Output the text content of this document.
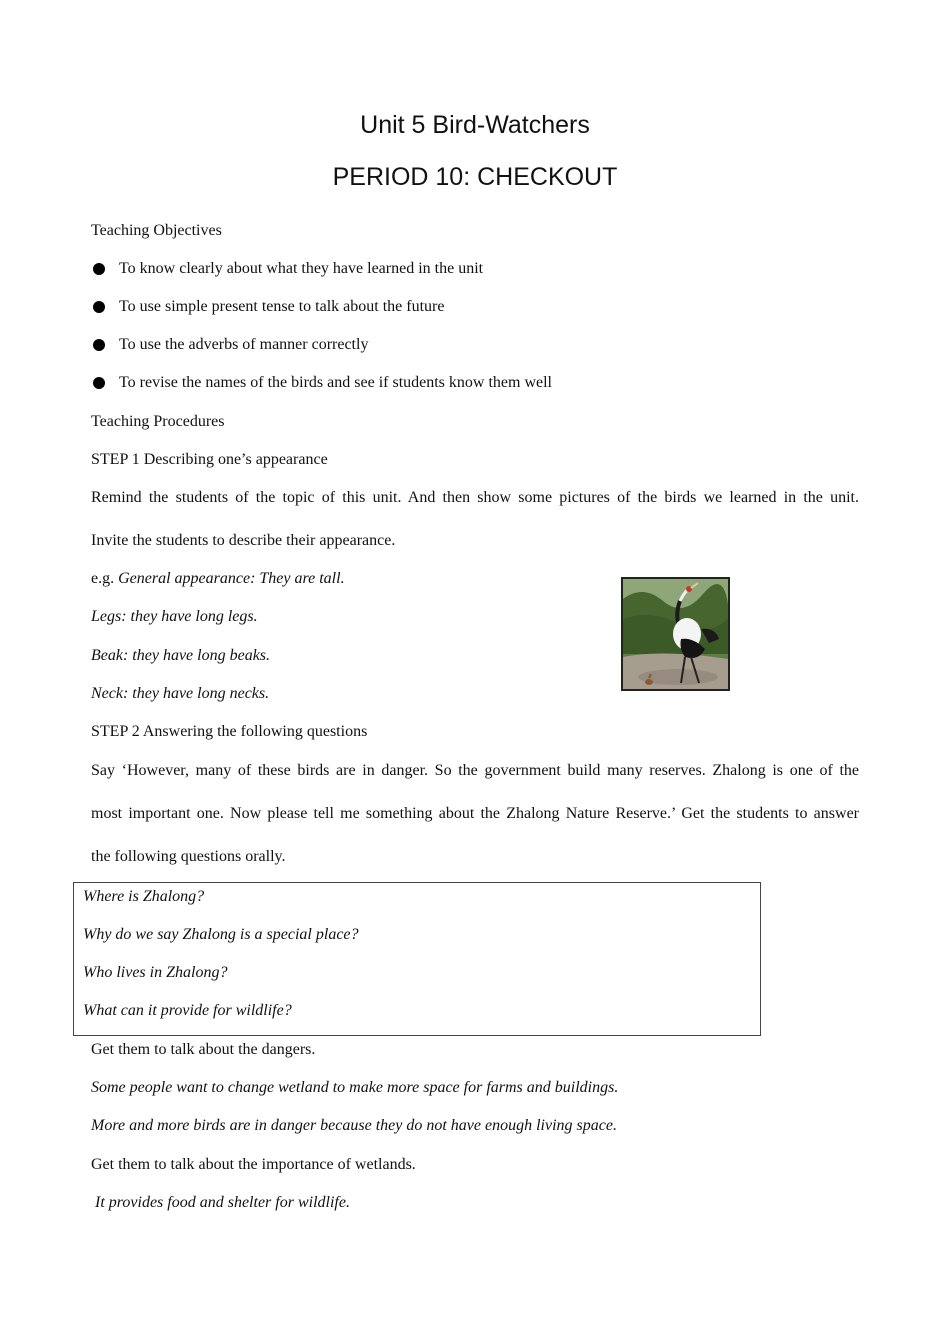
Unit 5 Bird-Watchers
PERIOD 10: CHECKOUT
Teaching Objectives
To know clearly about what they have learned in the unit
To use simple present tense to talk about the future
To use the adverbs of manner correctly
To revise the names of the birds and see if students know them well
Teaching Procedures
STEP 1 Describing one’s appearance
Remind the students of the topic of this unit. And then show some pictures of the birds we learned in the unit.
Invite the students to describe their appearance.
e.g. General appearance: They are tall.
Legs: they have long legs.
Beak: they have long beaks.
Neck: they have long necks.
STEP 2 Answering the following questions
Say ‘However, many of these birds are in danger. So the government build many reserves. Zhalong is one of the
most important one. Now please tell me something about the Zhalong Nature Reserve.’ Get the students to answer
the following questions orally.
Where is Zhalong?
Why do we say Zhalong is a special place?
Who lives in Zhalong?
What can it provide for wildlife?
Get them to talk about the dangers.
Some people want to change wetland to make more space for farms and buildings.
More and more birds are in danger because they do not have enough living space.
Get them to talk about the importance of wetlands.
It provides food and shelter for wildlife.
